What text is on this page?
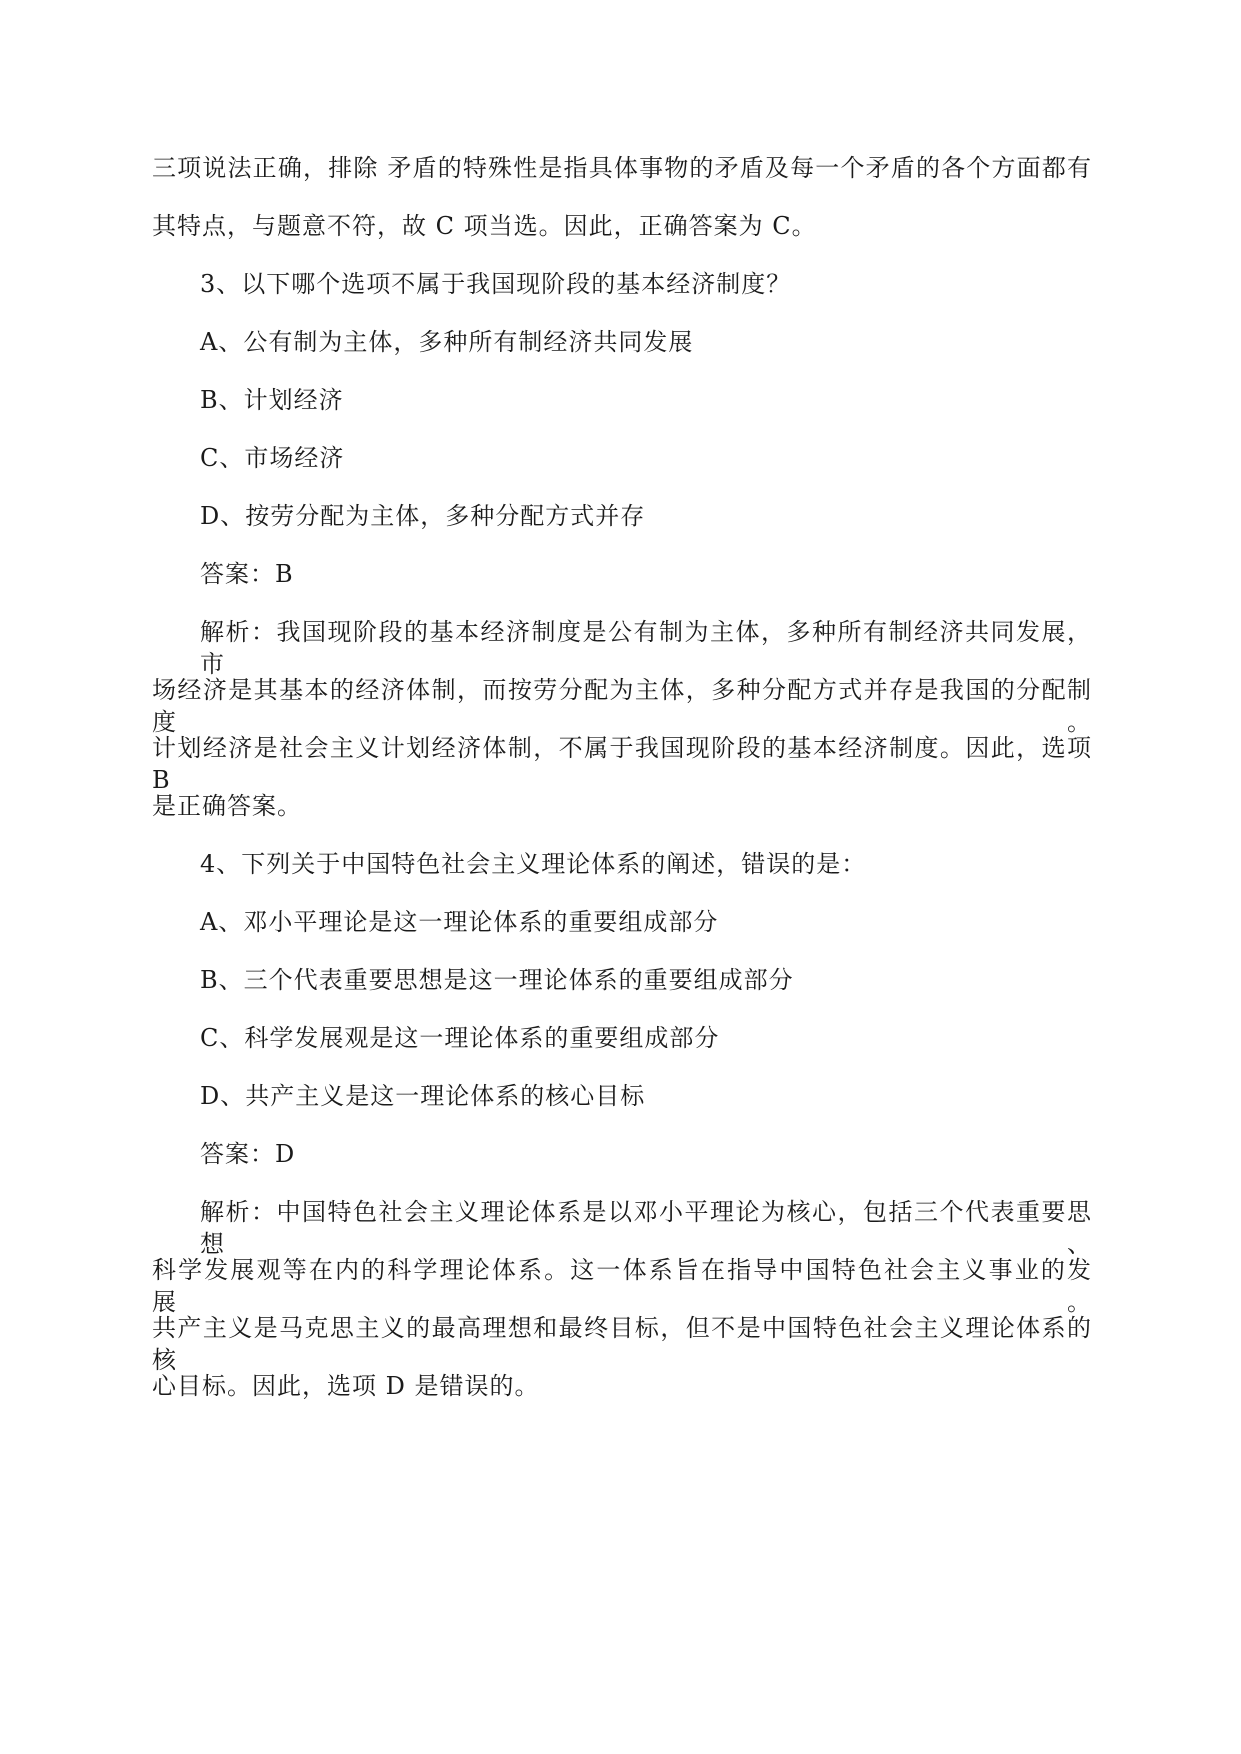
三项说法正确，排除 矛盾的特殊性是指具体事物的矛盾及每一个矛盾的各个方面都有
其特点，与题意不符，故 C 项当选。因此，正确答案为 C。
3、以下哪个选项不属于我国现阶段的基本经济制度？
A、公有制为主体，多种所有制经济共同发展
B、计划经济
C、市场经济
D、按劳分配为主体，多种分配方式并存
答案：B
解析：我国现阶段的基本经济制度是公有制为主体，多种所有制经济共同发展，市
场经济是其基本的经济体制，而按劳分配为主体，多种分配方式并存是我国的分配制度。
计划经济是社会主义计划经济体制，不属于我国现阶段的基本经济制度。因此，选项 B
是正确答案。
4、下列关于中国特色社会主义理论体系的阐述，错误的是：
A、邓小平理论是这一理论体系的重要组成部分
B、三个代表重要思想是这一理论体系的重要组成部分
C、科学发展观是这一理论体系的重要组成部分
D、共产主义是这一理论体系的核心目标
答案：D
解析：中国特色社会主义理论体系是以邓小平理论为核心，包括三个代表重要思想、
科学发展观等在内的科学理论体系。这一体系旨在指导中国特色社会主义事业的发展。
共产主义是马克思主义的最高理想和最终目标，但不是中国特色社会主义理论体系的核
心目标。因此，选项 D 是错误的。
